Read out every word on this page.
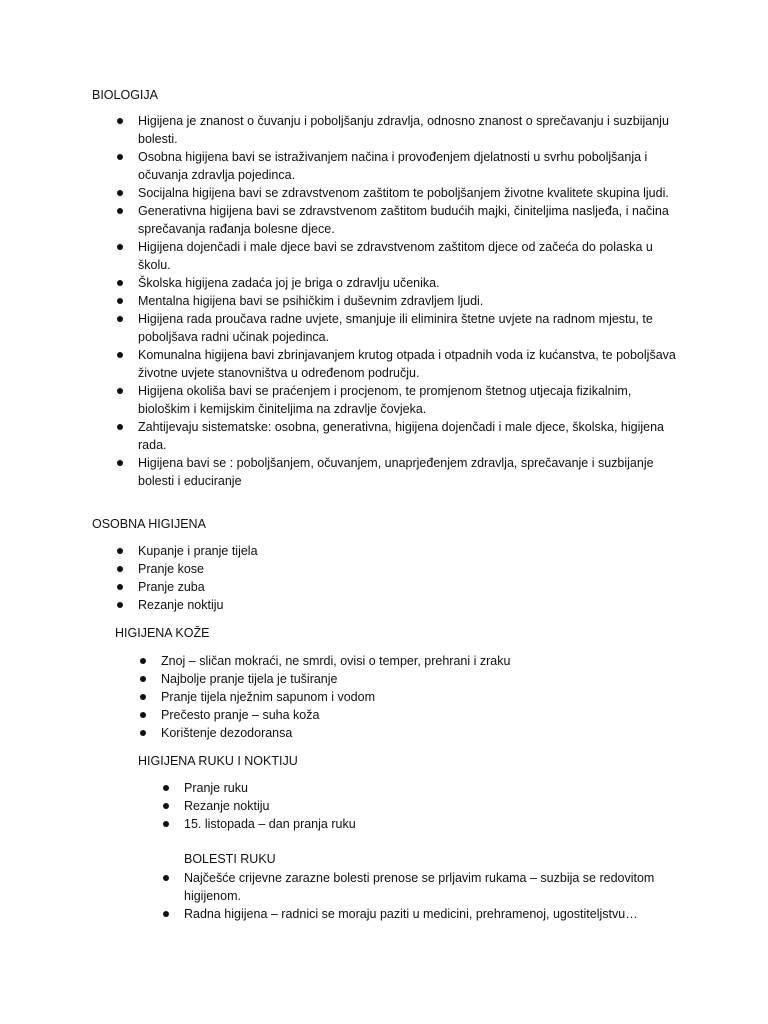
BIOLOGIJA

Higijena je znanost o čuvanju i poboljšanju zdravlja, odnosno znanost o sprečavanju i suzbijanju bolesti.
Osobna higijena bavi se istraživanjem načina i provođenjem djelatnosti u svrhu poboljšanja i očuvanja zdravlja pojedinca.
Socijalna higijena bavi se zdravstvenom zaštitom te poboljšanjem životne kvalitete skupina ljudi.
Generativna higijena bavi se zdravstvenom zaštitom budućih majki, činiteljima nasljeđa, i načina sprečavanja rađanja bolesne djece.
Higijena dojenčadi i male djece bavi se zdravstvenom zaštitom djece od začeća do polaska u školu.
Školska higijena zadaća joj je briga o zdravlju učenika.
Mentalna higijena bavi se psihičkim i duševnim zdravljem ljudi.
Higijena rada proučava radne uvjete, smanjuje ili eliminira štetne uvjete na radnom mjestu, te poboljšava radni učinak pojedinca.
Komunalna higijena bavi zbrinjavanjem krutog otpada i otpadnih voda iz kućanstva, te poboljšava životne uvjete stanovništva u određenom području.
Higijena okoliša bavi se praćenjem i procjenom, te promjenom štetnog utjecaja fizikalnim, biološkim i kemijskim činiteljima na zdravlje čovjeka.
Zahtijevaju sistematske: osobna, generativna, higijena dojenčadi i male djece, školska, higijena rada.
Higijena bavi se : poboljšanjem, očuvanjem, unaprjeđenjem zdravlja, sprečavanje i suzbijanje bolesti i educiranje

OSOBNA HIGIJENA

Kupanje i pranje tijela
Pranje kose
Pranje zuba
Rezanje noktiju

HIGIJENA KOŽE

Znoj – sličan mokraći, ne smrdi, ovisi o temper, prehrani i zraku
Najbolje pranje tijela je tuširanje
Pranje tijela nježnim sapunom i vodom
Prečesto pranje – suha koža
Korištenje dezodoransa

HIGIJENA RUKU I NOKTIJU

Pranje ruku
Rezanje noktiju
15. listopada – dan pranja ruku

BOLESTI RUKU

Najčešće crijevne zarazne bolesti prenose se prljavim rukama – suzbija se redovitom higijenom.
Radna higijena – radnici se moraju paziti u medicini, prehramenoj, ugostiteljstvu…
